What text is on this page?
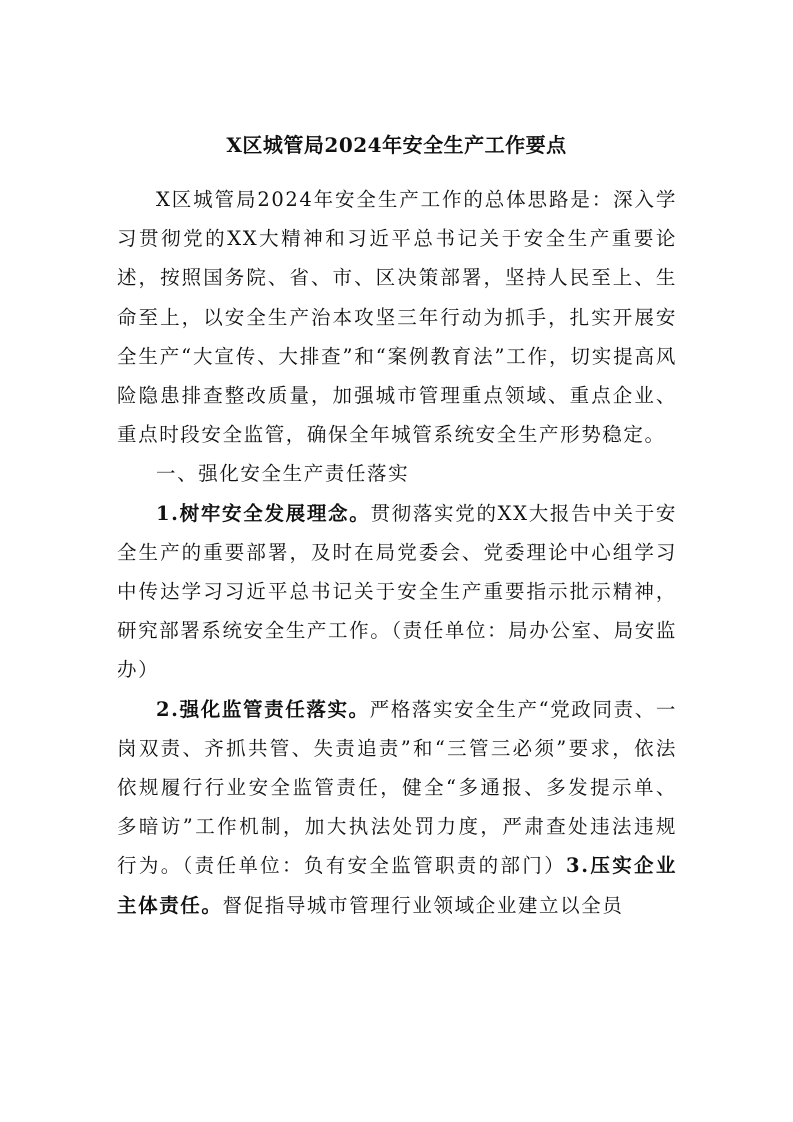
X区城管局2024年安全生产工作要点

X区城管局2024年安全生产工作的总体思路是：深入学习贯彻党的XX大精神和习近平总书记关于安全生产重要论述，按照国务院、省、市、区决策部署，坚持人民至上、生命至上，以安全生产治本攻坚三年行动为抓手，扎实开展安全生产“大宣传、大排查”和“案例教育法”工作，切实提高风险隐患排查整改质量，加强城市管理重点领域、重点企业、重点时段安全监管，确保全年城管系统安全生产形势稳定。

一、强化安全生产责任落实

1.树牢安全发展理念。贯彻落实党的XX大报告中关于安全生产的重要部署，及时在局党委会、党委理论中心组学习中传达学习习近平总书记关于安全生产重要指示批示精神，研究部署系统安全生产工作。（责任单位：局办公室、局安监办）

2.强化监管责任落实。严格落实安全生产“党政同责、一岗双责、齐抓共管、失责追责”和“三管三必须”要求，依法依规履行行业安全监管责任，健全“多通报、多发提示单、多暗访”工作机制，加大执法处罚力度，严肃查处违法违规行为。（责任单位：负有安全监管职责的部门）3.压实企业主体责任。督促指导城市管理行业领域企业建立以全员
